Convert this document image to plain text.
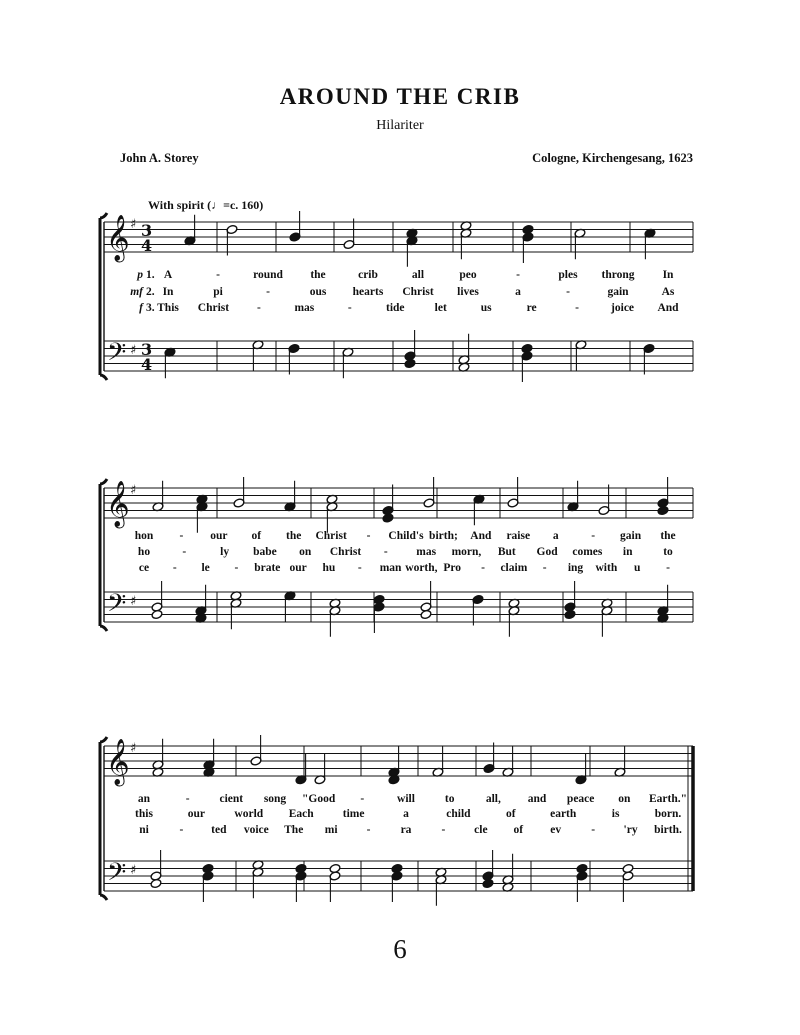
AROUND THE CRIB
Hilariter
John A. Storey	Cologne, Kirchengesang, 1623
With spirit (♩=c. 160)
𝄞
𝄢
♯
♯
3
4
3
4
𝄞
𝄢
♯
♯
𝄞
𝄢
♯
♯
A	-	round the	crib	all	peo	-	ples throng In
In	pi	-	ous hearts Christ lives	a	-	gain	As
This Christ -	mas	-	tide	let	us	re	-	joice And
hon - our of the Christ - Child's birth; And raise a	- gain the
ho	-	ly babe on Christ - mas morn, But God comes in	to
ce - le - brate our hu - man worth, Pro - claim - ing with u -
an	-	cient song "Good -	will	to	all, and peace on Earth."
this	our	world Each	time	a	child	of	earth	is	born.
ni	- ted voice The mi	-	ra	-	cle of ev	- 'ry birth.
p 1.
mf 2.
f 3.
6
